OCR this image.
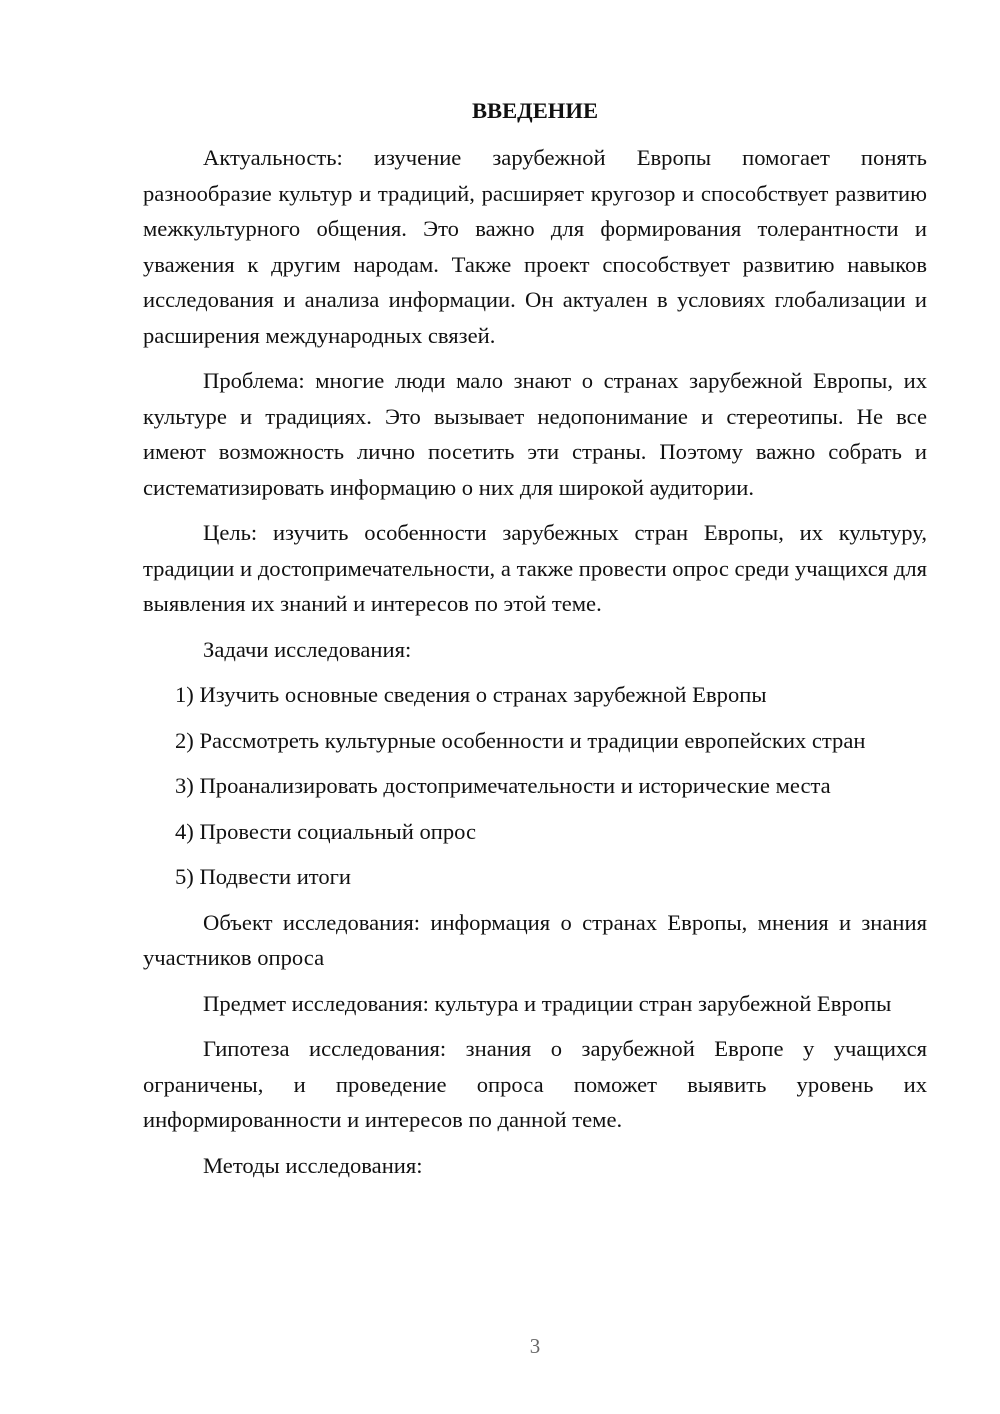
ВВЕДЕНИЕ

Актуальность: изучение зарубежной Европы помогает понять разнообразие культур и традиций, расширяет кругозор и способствует развитию межкультурного общения. Это важно для формирования толерантности и уважения к другим народам. Также проект способствует развитию навыков исследования и анализа информации. Он актуален в условиях глобализации и расширения международных связей.

Проблема: многие люди мало знают о странах зарубежной Европы, их культуре и традициях. Это вызывает недопонимание и стереотипы. Не все имеют возможность лично посетить эти страны. Поэтому важно собрать и систематизировать информацию о них для широкой аудитории.

Цель: изучить особенности зарубежных стран Европы, их культуру, традиции и достопримечательности, а также провести опрос среди учащихся для выявления их знаний и интересов по этой теме.

Задачи исследования:

1) Изучить основные сведения о странах зарубежной Европы

2) Рассмотреть культурные особенности и традиции европейских стран

3) Проанализировать достопримечательности и исторические места

4) Провести социальный опрос

5) Подвести итоги

Объект исследования: информация о странах Европы, мнения и знания участников опроса

Предмет исследования: культура и традиции стран зарубежной Европы

Гипотеза исследования: знания о зарубежной Европе у учащихся ограничены, и проведение опроса поможет выявить уровень их информированности и интересов по данной теме.

Методы исследования:

3
